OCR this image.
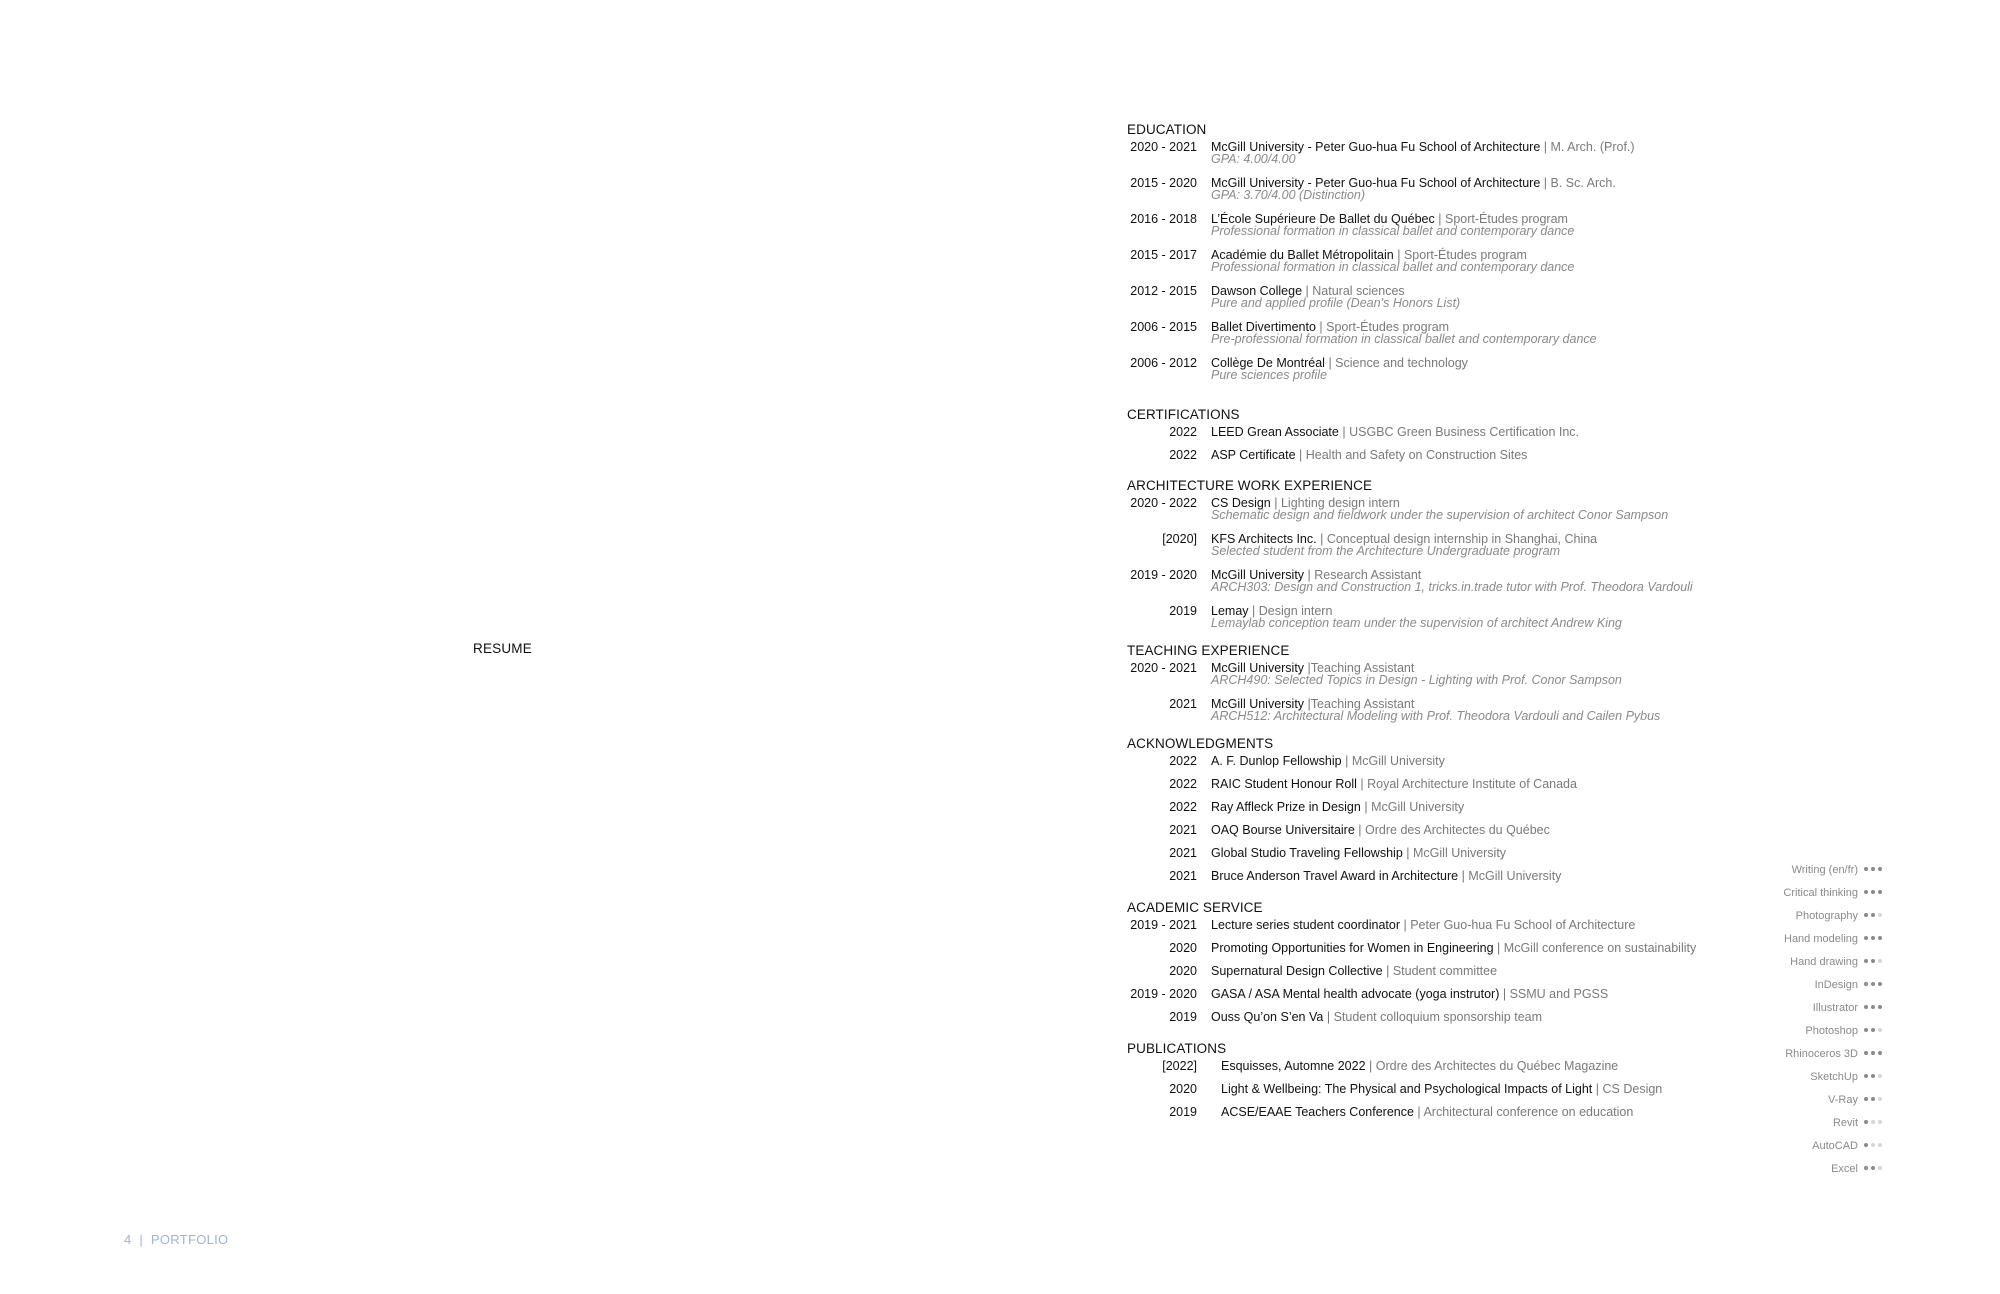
RESUME
EDUCATION
2020 - 2021 McGill University - Peter Guo-hua Fu School of Architecture | M. Arch. (Prof.)
GPA: 4.00/4.00
2015 - 2020 McGill University - Peter Guo-hua Fu School of Architecture | B. Sc. Arch.
GPA: 3.70/4.00 (Distinction)
2016 - 2018 L’École Supérieure De Ballet du Québec | Sport-Études program
Professional formation in classical ballet and contemporary dance
2015 - 2017 Académie du Ballet Métropolitain | Sport-Études program
Professional formation in classical ballet and contemporary dance
2012 - 2015 Dawson College | Natural sciences
Pure and applied profile (Dean’s Honors List)
2006 - 2015 Ballet Divertimento | Sport-Études program
Pre-professional formation in classical ballet and contemporary dance
2006 - 2012 Collège De Montréal | Science and technology
Pure sciences profile
CERTIFICATIONS
2022 LEED Grean Associate | USGBC Green Business Certification Inc.
2022 ASP Certificate | Health and Safety on Construction Sites
ARCHITECTURE WORK EXPERIENCE
2020 - 2022 CS Design | Lighting design intern
Schematic design and fieldwork under the supervision of architect Conor Sampson
[2020] KFS Architects Inc. | Conceptual design internship in Shanghai, China
Selected student from the Architecture Undergraduate program
2019 - 2020 McGill University | Research Assistant
ARCH303: Design and Construction 1, tricks.in.trade tutor with Prof. Theodora Vardouli
2019 Lemay | Design intern
Lemaylab conception team under the supervision of architect Andrew King
TEACHING EXPERIENCE
2020 - 2021 McGill University |Teaching Assistant
ARCH490: Selected Topics in Design - Lighting with Prof. Conor Sampson
2021 McGill University |Teaching Assistant
ARCH512: Architectural Modeling with Prof. Theodora Vardouli and Cailen Pybus
ACKNOWLEDGMENTS
2022 A. F. Dunlop Fellowship | McGill University
2022 RAIC Student Honour Roll | Royal Architecture Institute of Canada
2022 Ray Affleck Prize in Design | McGill University
2021 OAQ Bourse Universitaire | Ordre des Architectes du Québec
2021 Global Studio Traveling Fellowship | McGill University
2021 Bruce Anderson Travel Award in Architecture | McGill University
ACADEMIC SERVICE
2019 - 2021 Lecture series student coordinator | Peter Guo-hua Fu School of Architecture
2020 Promoting Opportunities for Women in Engineering | McGill conference on sustainability
2020 Supernatural Design Collective | Student committee
2019 - 2020 GASA / ASA Mental health advocate (yoga instrutor) | SSMU and PGSS
2019 Ouss Qu’on S’en Va | Student colloquium sponsorship team
PUBLICATIONS
[2022] Esquisses, Automne 2022 | Ordre des Architectes du Québec Magazine
2020 Light & Wellbeing: The Physical and Psychological Impacts of Light | CS Design
2019 ACSE/EAAE Teachers Conference | Architectural conference on education
Writing (en/fr)
Critical thinking
Photography
Hand modeling
Hand drawing
InDesign
Illustrator
Photoshop
Rhinoceros 3D
SketchUp
V-Ray
Revit
AutoCAD
Excel
4 | PORTFOLIO
